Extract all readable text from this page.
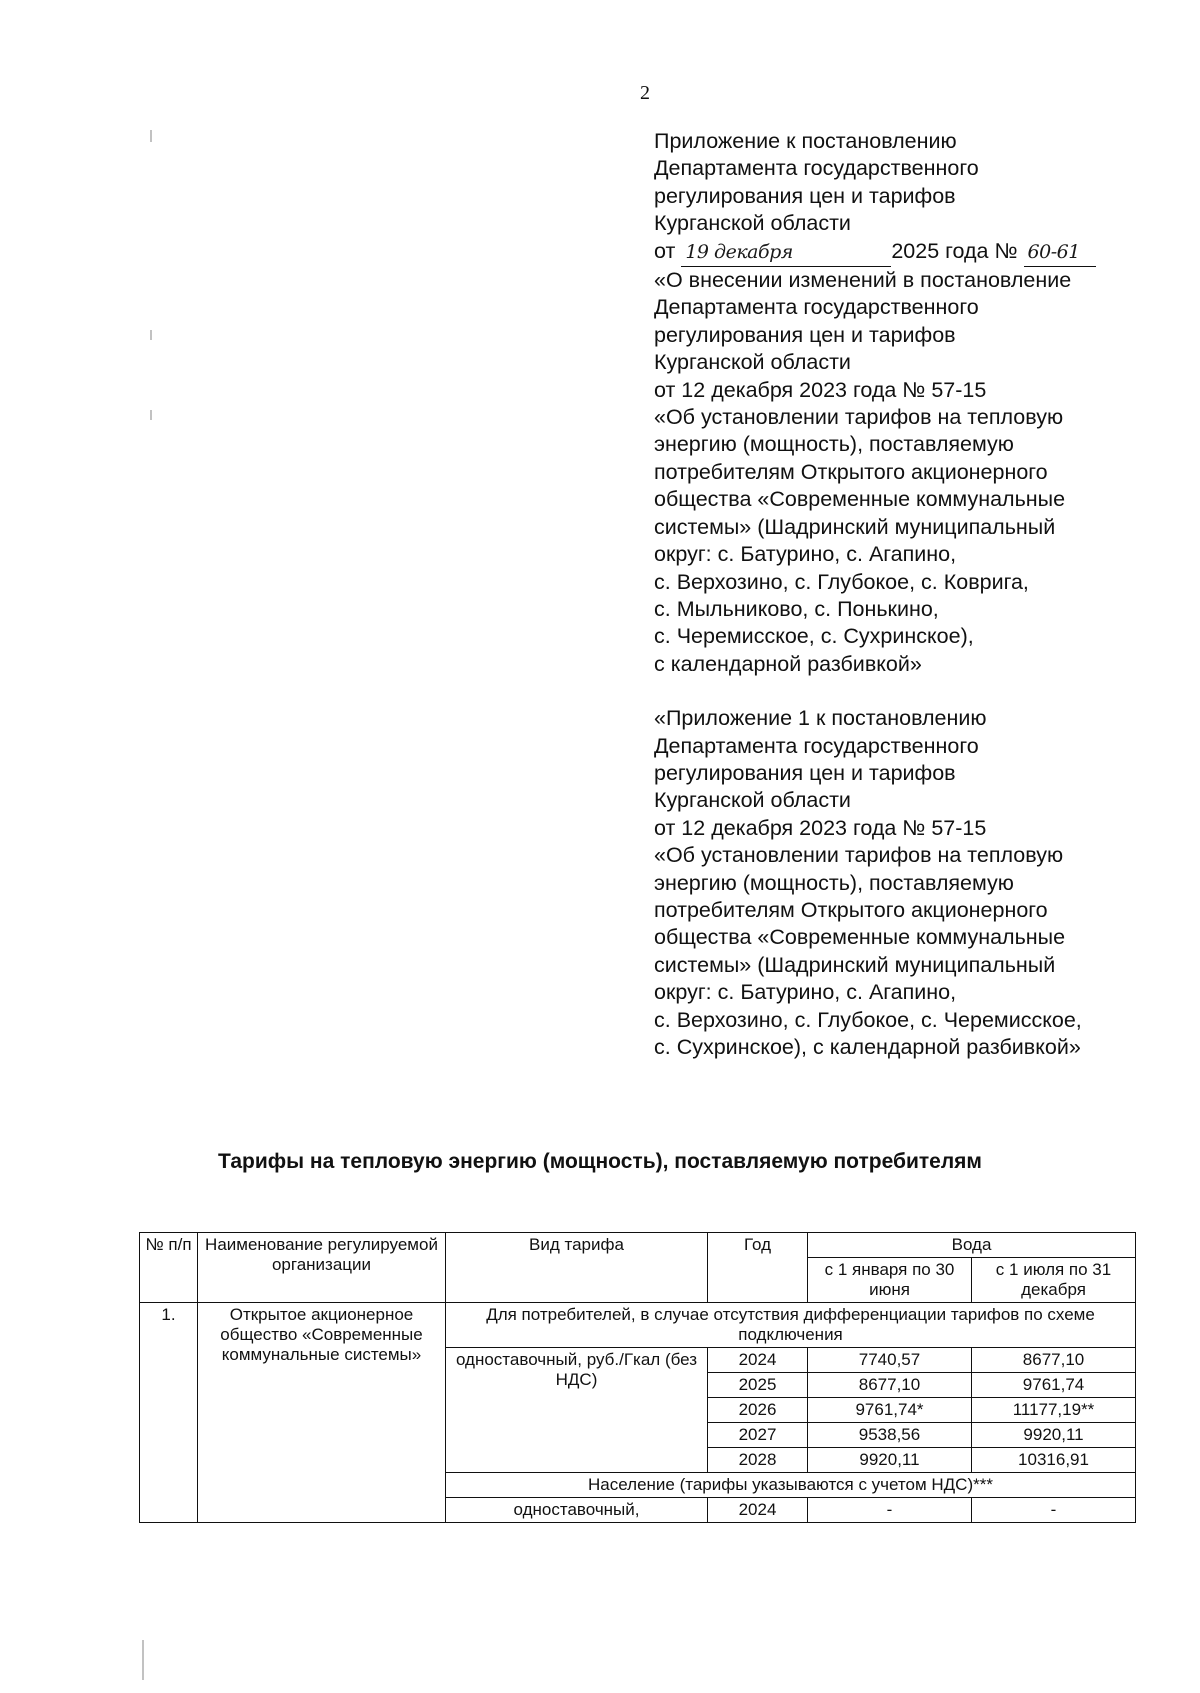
2
Приложение к постановлению
Департамента государственного
регулирования цен и тарифов
Курганской области
от 19 декабря	2025 года № 60-61
«О внесении изменений в постановление
Департамента государственного
регулирования цен и тарифов
Курганской области
от 12 декабря 2023 года № 57-15
«Об установлении тарифов на тепловую
энергию (мощность), поставляемую
потребителям Открытого акционерного
общества «Современные коммунальные
системы» (Шадринский муниципальный
округ: с. Батурино, с. Агапино,
с. Верхозино, с. Глубокое, с. Коврига,
с. Мыльниково, с. Понькино,
с. Черемисское, с. Сухринское),
с календарной разбивкой»
«Приложение 1 к постановлению
Департамента государственного
регулирования цен и тарифов
Курганской области
от 12 декабря 2023 года № 57-15
«Об установлении тарифов на тепловую
энергию (мощность), поставляемую
потребителям Открытого акционерного
общества «Современные коммунальные
системы» (Шадринский муниципальный
округ: с. Батурино, с. Агапино,
с. Верхозино, с. Глубокое, с. Черемисское,
с. Сухринское), с календарной разбивкой»
Тарифы на тепловую энергию (мощность), поставляемую потребителям
№ п/п	Наименование регулируемой организации	Вид тарифа	Год	Вода	
				с 1 января по 30 июня	с 1 июля по 31 декабря
1.	Открытое акционерное общество «Современные коммунальные системы»	Для потребителей, в случае отсутствия дифференциации тарифов по схеме подключения			
		одноставочный, руб./Гкал (без НДС)	2024	7740,57	8677,10
			2025	8677,10	9761,74
			2026	9761,74*	11177,19**
			2027	9538,56	9920,11
			2028	9920,11	10316,91
		Население (тарифы указываются с учетом НДС)***			
		одноставочный,	2024	-	-
